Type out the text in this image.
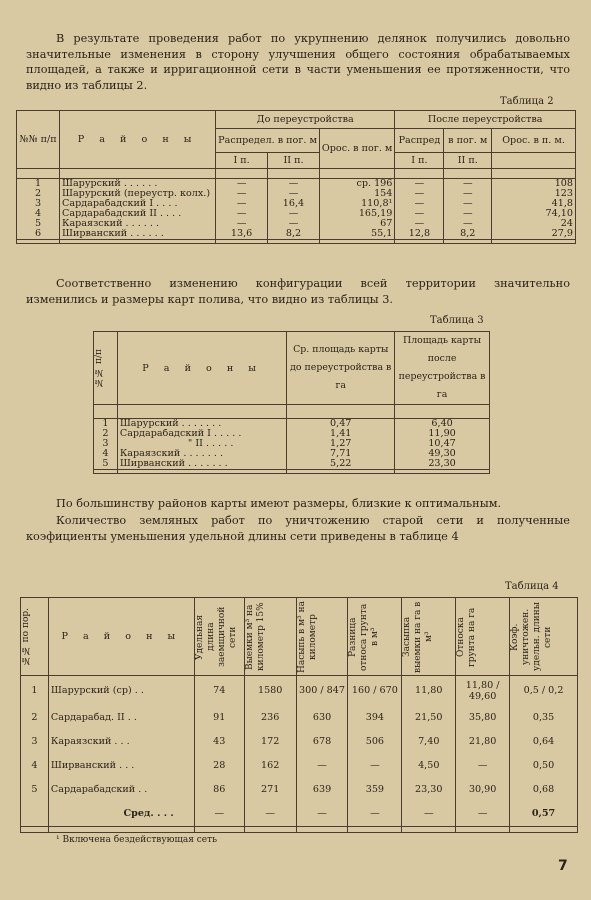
В результате проведения работ по укрупнению делянок получились довольно значительные изменения в сторону улучшения общего состояния обрабатываемых площадей, а также и ирригационной сети в части уменьшения ее протяженности, что видно из таблицы 2.

Таблица 2
№№ п/п	Р а й о н ы	До переустройства			После переустройства		
		Распредел. в пог. м		Орос. в пог. м	Распред	в пог. м	Орос. в п. м.
		I п.	II п.		I п.	II п.	

1	Шарурский . . . . . .	—	—	ср. 196	—	—	108
2	Шарурский (переустр. колх.)	—	—	154	—	—	123
3	Сардарабадский I . . . .	—	16,4	110,8¹	—	—	41,8
4	Сардарабадский II . . . .	—	—	165,19	—	—	74,10
5	Караязский . . . . . .	—	—	67	—	—	24
6	Ширванский . . . . . .	13,6	8,2	55,1	12,8	8,2	27,9

Соответственно изменению конфигурации всей территории значительно изменились и размеры карт полива, что видно из таблицы 3.

Таблица 3
№№ п/п	Р а й о н ы	Ср. площадь карты до переустройства в га	Площадь карты после переустройства в га

1	Шарурский . . . . . . .	0,47	6,40
2	Сардарабадский I . . . . .	1,41	11,90
3	" II . . . . .	1,27	10,47
4	Караязский . . . . . . .	7,71	49,30
5	Ширванский . . . . . . .	5,22	23,30

По большинству районов карты имеют размеры, близкие к оптимальным.

Количество земляных работ по уничтожению старой сети и полученные коэфициенты уменьшения удельной длины сети приведены в таблице 4

Таблица 4
№№ по пор.	Р а й о н ы	Удельная длина заемщичной сети	Выемки м³ на километр 15%	Насыпь в м³ на километр	Разница относа грунта в м³	Засыпка выемки на га в м³	Относка грунта на га	Коэф. уничтожен. удельн. длины сети

1	Шарурский (ср) . .	74	1580	300 / 847	160 / 670	11,80	11,80 / 49,60	0,5 / 0,2
2	Сардарабад. II . .	91	236	630	394	21,50	35,80	0,35
3	Караязский . . .	43	172	678	506	7,40	21,80	0,64
4	Ширванский . . .	28	162	—	—	4,50	—	0,50
5	Сардарабадский . .	86	271	639	359	23,30	30,90	0,68
	Сред. . . .	—	—	—	—	—	—	0,57

¹ Включена бездействующая сеть
7
